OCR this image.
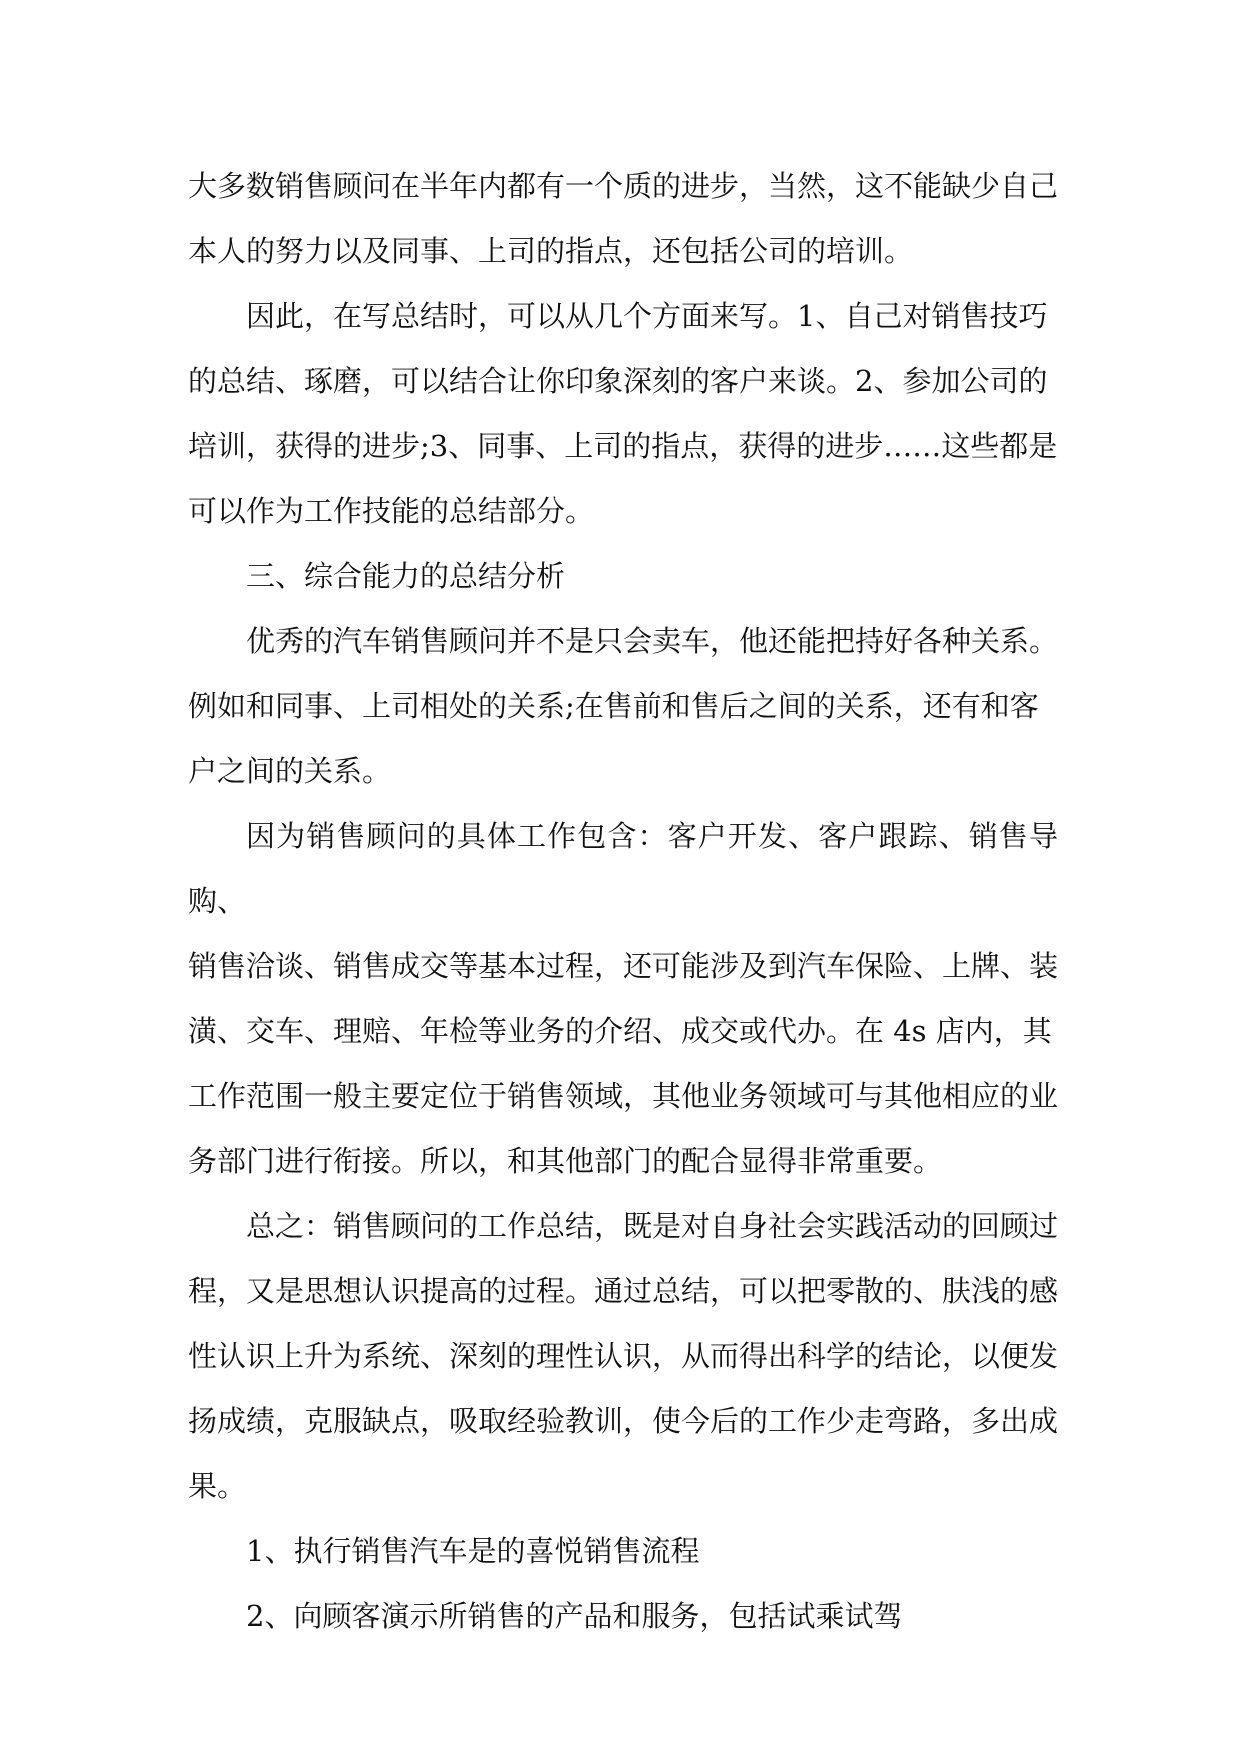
大多数销售顾问在半年内都有一个质的进步，当然，这不能缺少自己
本人的努力以及同事、上司的指点，还包括公司的培训。

因此，在写总结时，可以从几个方面来写。1、自己对销售技巧
的总结、琢磨，可以结合让你印象深刻的客户来谈。2、参加公司的
培训，获得的进步;3、同事、上司的指点，获得的进步……这些都是
可以作为工作技能的总结部分。

三、综合能力的总结分析

优秀的汽车销售顾问并不是只会卖车，他还能把持好各种关系。
例如和同事、上司相处的关系;在售前和售后之间的关系，还有和客
户之间的关系。

因为销售顾问的具体工作包含：客户开发、客户跟踪、销售导购、
销售洽谈、销售成交等基本过程，还可能涉及到汽车保险、上牌、装
潢、交车、理赔、年检等业务的介绍、成交或代办。在 4s 店内，其
工作范围一般主要定位于销售领域，其他业务领域可与其他相应的业
务部门进行衔接。所以，和其他部门的配合显得非常重要。

总之：销售顾问的工作总结，既是对自身社会实践活动的回顾过
程，又是思想认识提高的过程。通过总结，可以把零散的、肤浅的感
性认识上升为系统、深刻的理性认识，从而得出科学的结论，以便发
扬成绩，克服缺点，吸取经验教训，使今后的工作少走弯路，多出成
果。

1、执行销售汽车是的喜悦销售流程

2、向顾客演示所销售的产品和服务，包括试乘试驾
